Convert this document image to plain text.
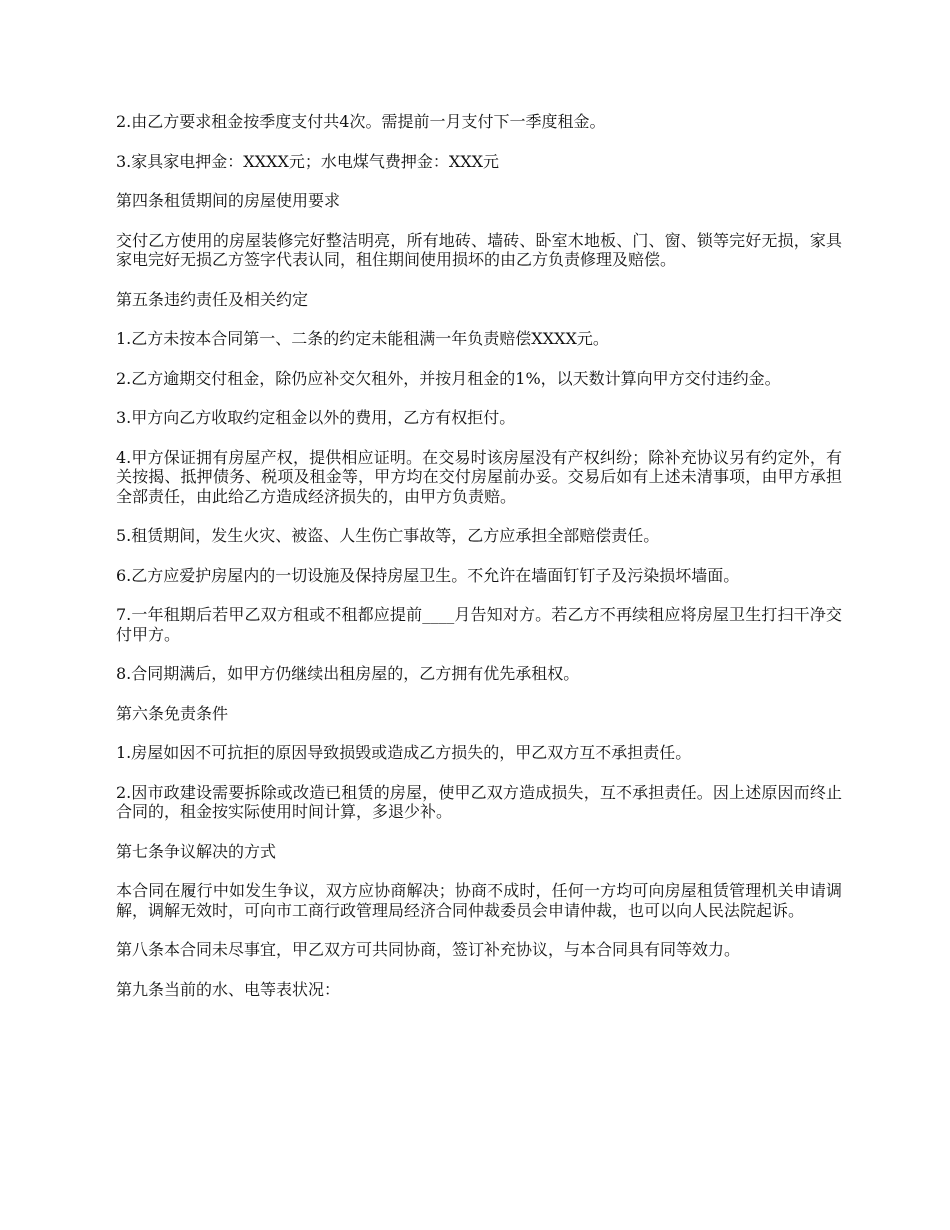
2.由乙方要求租金按季度支付共4次。需提前一月支付下一季度租金。

3.家具家电押金：XXXX元；水电煤气费押金：XXX元

第四条租赁期间的房屋使用要求

交付乙方使用的房屋装修完好整洁明亮，所有地砖、墙砖、卧室木地板、门、窗、锁等完好无损，家具家电完好无损乙方签字代表认同，租住期间使用损坏的由乙方负责修理及赔偿。

第五条违约责任及相关约定

1.乙方未按本合同第一、二条的约定未能租满一年负责赔偿XXXX元。

2.乙方逾期交付租金，除仍应补交欠租外，并按月租金的1%，以天数计算向甲方交付违约金。

3.甲方向乙方收取约定租金以外的费用，乙方有权拒付。

4.甲方保证拥有房屋产权，提供相应证明。在交易时该房屋没有产权纠纷；除补充协议另有约定外，有关按揭、抵押债务、税项及租金等，甲方均在交付房屋前办妥。交易后如有上述未清事项，由甲方承担全部责任，由此给乙方造成经济损失的，由甲方负责赔。

5.租赁期间，发生火灾、被盗、人生伤亡事故等，乙方应承担全部赔偿责任。

6.乙方应爱护房屋内的一切设施及保持房屋卫生。不允许在墙面钉钉子及污染损坏墙面。

7.一年租期后若甲乙双方租或不租都应提前____月告知对方。若乙方不再续租应将房屋卫生打扫干净交付甲方。

8.合同期满后，如甲方仍继续出租房屋的，乙方拥有优先承租权。

第六条免责条件

1.房屋如因不可抗拒的原因导致损毁或造成乙方损失的，甲乙双方互不承担责任。

2.因市政建设需要拆除或改造已租赁的房屋，使甲乙双方造成损失，互不承担责任。因上述原因而终止合同的，租金按实际使用时间计算，多退少补。

第七条争议解决的方式

本合同在履行中如发生争议，双方应协商解决；协商不成时，任何一方均可向房屋租赁管理机关申请调解，调解无效时，可向市工商行政管理局经济合同仲裁委员会申请仲裁，也可以向人民法院起诉。

第八条本合同未尽事宜，甲乙双方可共同协商，签订补充协议，与本合同具有同等效力。

第九条当前的水、电等表状况：
